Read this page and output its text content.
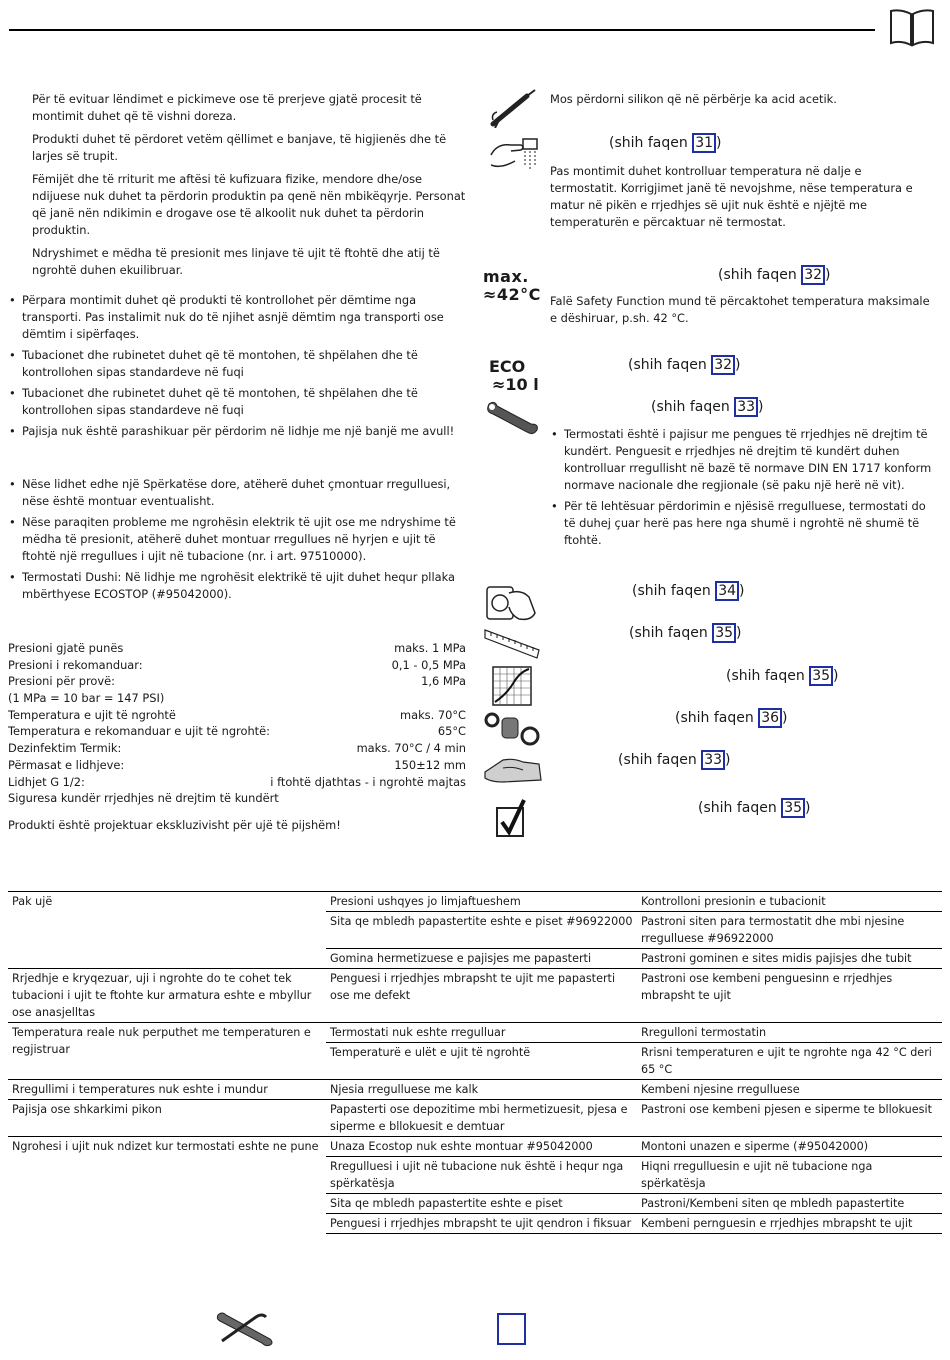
Për të evituar lëndimet e pickimeve ose të prerjeve gjatë procesit të montimit duhet që të vishni doreza.

Produkti duhet të përdoret vetëm qëllimet e banjave, të higjienës dhe të larjes së trupit.

Fëmijët dhe të rriturit me aftësi të kufizuara fizike, mendore dhe/ose ndijuese nuk duhet ta përdorin produktin pa qenë nën mbikëqyrje. Personat që janë nën ndikimin e drogave ose të alkoolit nuk duhet ta përdorin produktin.

Ndryshimet e mëdha të presionit mes linjave të ujit të ftohtë dhe atij të ngrohtë duhen ekuilibruar.

• Përpara montimit duhet që produkti të kontrollohet për dëmtime nga transporti. Pas instalimit nuk do të njihet asnjë dëmtim nga transporti ose dëmtim i sipërfaqes.
• Tubacionet dhe rubinetet duhet që të montohen, të shpëlahen dhe të kontrollohen sipas standardeve në fuqi
• Tubacionet dhe rubinetet duhet që të montohen, të shpëlahen dhe të kontrollohen sipas standardeve në fuqi
• Pajisja nuk është parashikuar për përdorim në lidhje me një banjë me avull!
• Nëse lidhet edhe një Spërkatëse dore, atëherë duhet çmontuar rregulluesi, nëse është montuar eventualisht.
• Nëse paraqiten probleme me ngrohësin elektrik të ujit ose me ndryshime të mëdha të presionit, atëherë duhet montuar rregullues në hyrjen e ujit të ftohtë një rregullues i ujit në tubacione (nr. i art. 97510000).
• Termostati Dushi: Në lidhje me ngrohësit elektrikë të ujit duhet hequr pllaka mbërthyese ECOSTOP (#95042000).
Presioni gjatë punës	maks. 1 MPa
Presioni i rekomanduar:	0,1 - 0,5 MPa
Presioni për provë:	1,6 MPa
(1 MPa = 10 bar = 147 PSI)
Temperatura e ujit të ngrohtë	maks. 70°C
Temperatura e rekomanduar e ujit të ngrohtë:	65°C
Dezinfektim Termik:	maks. 70°C / 4 min
Përmasat e lidhjeve:	150±12 mm
Lidhjet G 1/2:	i ftohtë djathtas - i ngrohtë majtas
Siguresa kundër rrjedhjes në drejtim të kundërt
Produkti është projektuar ekskluzivisht për ujë të pijshëm!
max.
≈42°C
ECO
≈10 l
Mos përdorni silikon që në përbërje ka acid acetik.
(shih faqen 31 )
Pas montimit duhet kontrolluar temperatura në dalje e termostatit. Korrigjimet janë të nevojshme, nëse temperatura e matur në pikën e rrjedhjes së ujit nuk është e njëjtë me temperaturën e përcaktuar në termostat.
(shih faqen 32 )
Falë Safety Function mund të përcaktohet temperatura maksimale e dëshiruar, p.sh. 42 °C.
(shih faqen 32 )
(shih faqen 33 )
• Termostati është i pajisur me pengues të rrjedhjes në drejtim të kundërt. Penguesit e rrjedhjes në drejtim të kundërt duhen kontrolluar rregullisht në bazë të normave DIN EN 1717 konform normave nacionale dhe regjionale (së paku një herë në vit).
• Për të lehtësuar përdorimin e njësisë rregulluese, termostati do të duhej çuar herë pas here nga shumë i ngrohtë në shumë të ftohtë.
(shih faqen 34 )
(shih faqen 35 )
(shih faqen 35 )
(shih faqen 36 )
(shih faqen 33 )
(shih faqen 35 )
Pak ujë	Presioni ushqyes jo limjaftueshem	Kontrolloni presionin e tubacionit
	Sita qe mbledh papastertite eshte e piset #96922000	Pastroni siten para termostatit dhe mbi njesine rregulluese #96922000
	Gomina hermetizuese e pajisjes me papasterti	Pastroni gominen e sites midis pajisjes dhe tubit
Rrjedhje e kryqezuar, uji i ngrohte do te cohet tek tubacioni i ujit te ftohte kur armatura eshte e mbyllur ose anasjelltas	Penguesi i rrjedhjes mbrapsht te ujit me papasterti ose me defekt	Pastroni ose kembeni penguesinn e rrjedhjes mbrapsht te ujit
Temperatura reale nuk perputhet me temperaturen e regjistruar	Termostati nuk eshte rregulluar	Rregulloni termostatin
	Temperaturë e ulët e ujit të ngrohtë	Rrisni temperaturen e ujit te ngrohte nga 42 °C deri 65 °C
Rregullimi i temperatures nuk eshte i mundur	Njesia rregulluese me kalk	Kembeni njesine rregulluese
Pajisja ose shkarkimi pikon	Papasterti ose depozitime mbi hermetizuesit, pjesa e siperme e bllokuesit e demtuar	Pastroni ose kembeni pjesen e siperme te bllokuesit
Ngrohesi i ujit nuk ndizet kur termostati eshte ne pune	Unaza Ecostop nuk eshte montuar #95042000	Montoni unazen e siperme (#95042000)
	Rregulluesi i ujit në tubacione nuk është i hequr nga spërkatësja	Hiqni rregulluesin e ujit në tubacione nga spërkatësja
	Sita qe mbledh papastertite eshte e piset	Pastroni/Kembeni siten qe mbledh papastertite
	Penguesi i rrjedhjes mbrapsht te ujit qendron i fiksuar	Kembeni pernguesin e rrjedhjes mbrapsht te ujit
